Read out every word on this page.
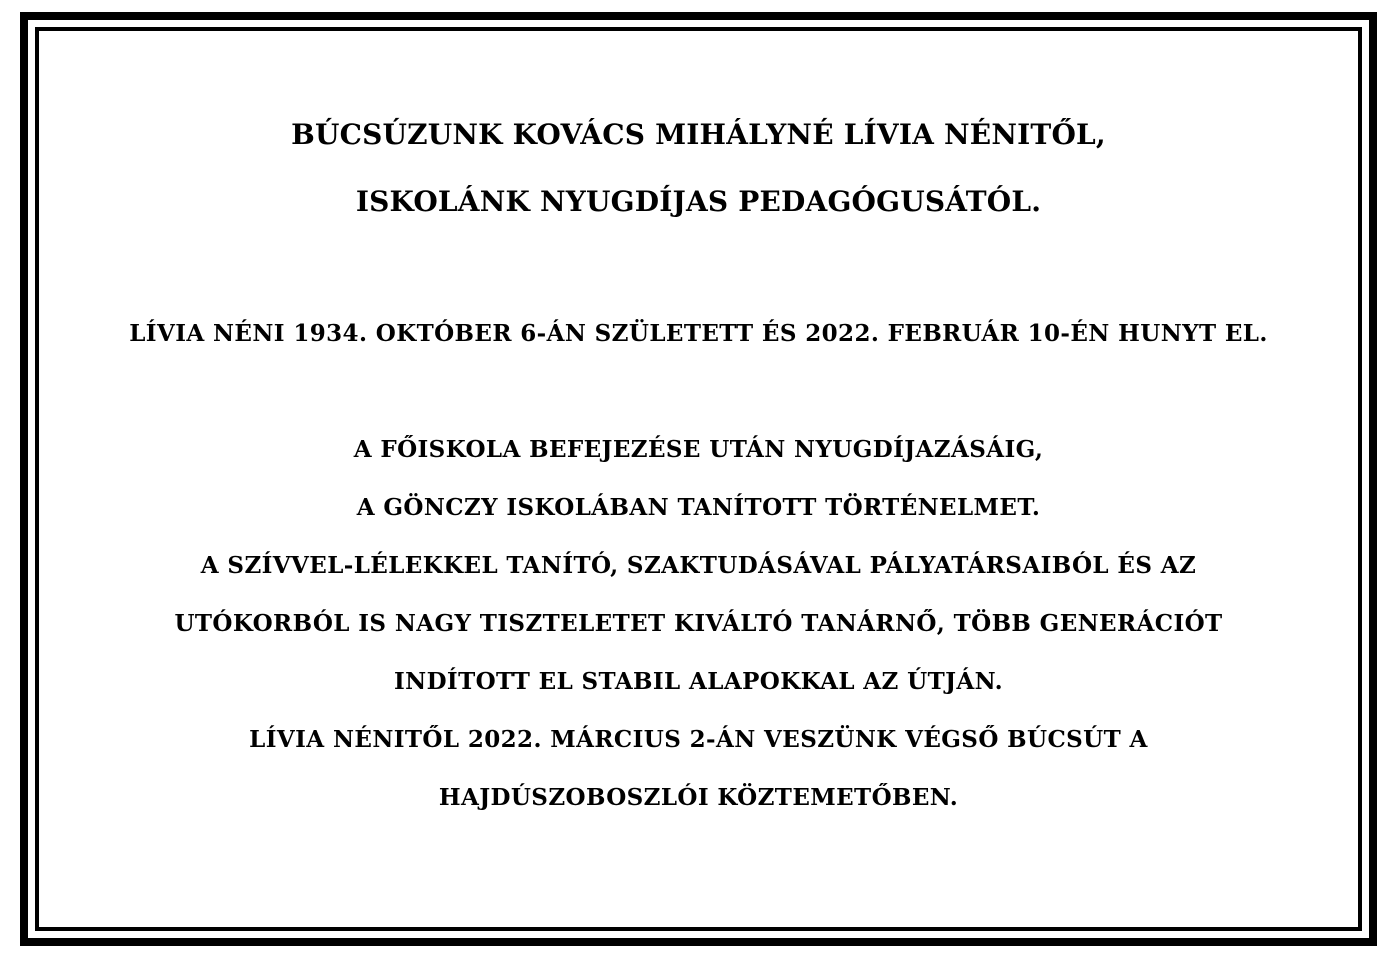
BÚCSÚZUNK KOVÁCS MIHÁLYNÉ LÍVIA NÉNITŐL,
ISKOLÁNK NYUGDÍJAS PEDAGÓGUSÁTÓL.
LÍVIA NÉNI 1934. OKTÓBER 6-ÁN SZÜLETETT ÉS 2022. FEBRUÁR 10-ÉN HUNYT EL.
A FŐISKOLA BEFEJEZÉSE UTÁN NYUGDÍJAZÁSÁIG,
A GÖNCZY ISKOLÁBAN TANÍTOTT TÖRTÉNELMET.
A SZÍVVEL-LÉLEKKEL TANÍTÓ, SZAKTUDÁSÁVAL PÁLYATÁRSAIBÓL ÉS AZ
UTÓKORBÓL IS NAGY TISZTELETET KIVÁLTÓ TANÁRNŐ, TÖBB GENERÁCIÓT
INDÍTOTT EL STABIL ALAPOKKAL AZ ÚTJÁN.
LÍVIA NÉNITŐL 2022. MÁRCIUS 2-ÁN VESZÜNK VÉGSŐ BÚCSÚT A
HAJDÚSZOBOSZLÓI KÖZTEMETŐBEN.
